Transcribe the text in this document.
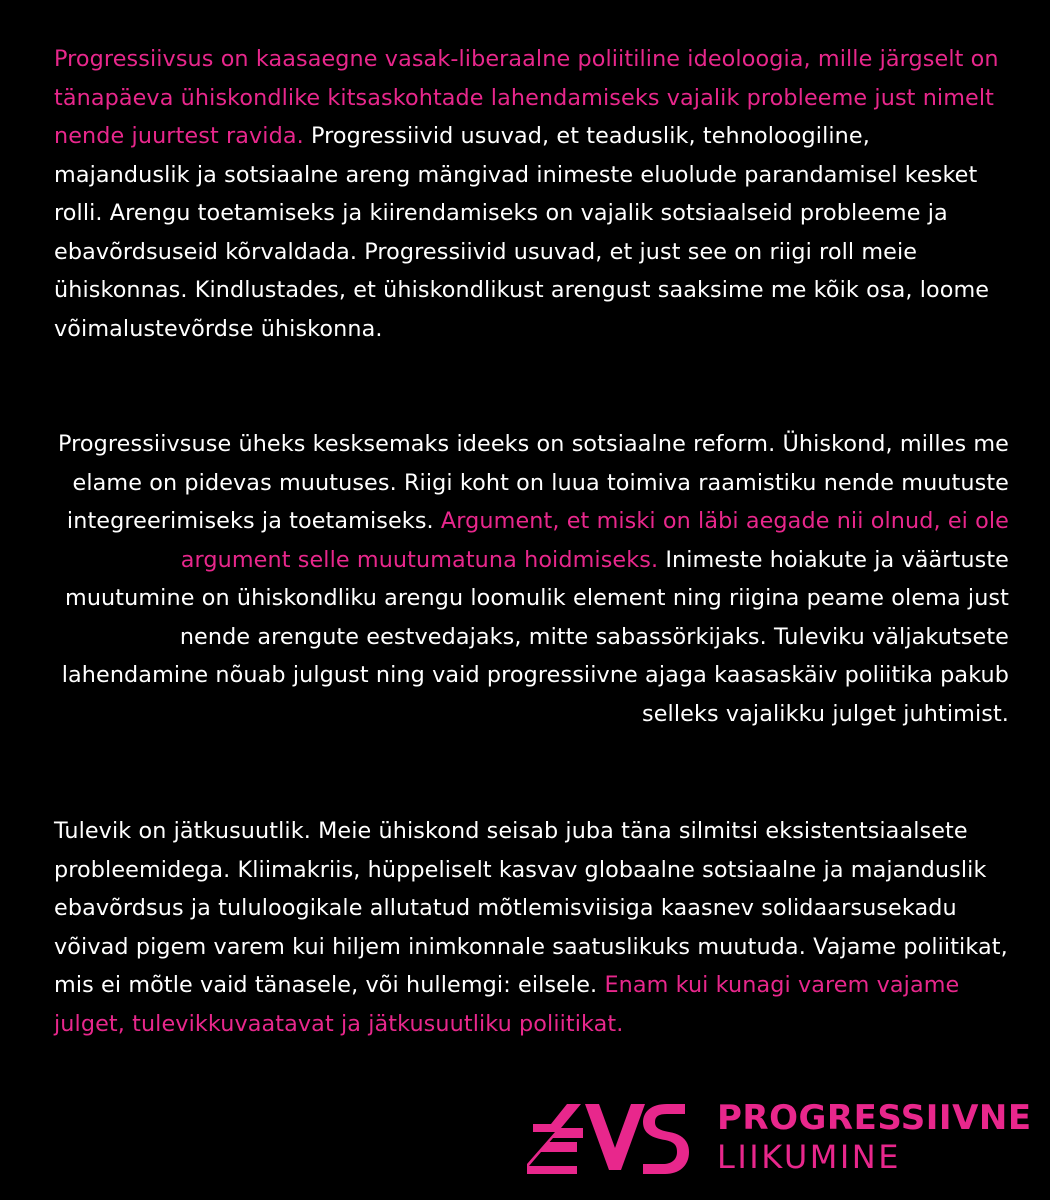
Progressiivsus on kaasaegne vasak-liberaalne poliitiline ideoloogia, mille järgselt on tänapäeva ühiskondlike kitsaskohtade lahendamiseks vajalik probleeme just nimelt nende juurtest ravida. Progressiivid usuvad, et teaduslik, tehnoloogiline, majanduslik ja sotsiaalne areng mängivad inimeste eluolude parandamisel kesket rolli. Arengu toetamiseks ja kiirendamiseks on vajalik sotsiaalseid probleeme ja ebavõrdsuseid kõrvaldada. Progressiivid usuvad, et just see on riigi roll meie ühiskonnas. Kindlustades, et ühiskondlikust arengust saaksime me kõik osa, loome võimalustevõrdse ühiskonna.
Progressiivsuse üheks kesksemaks ideeks on sotsiaalne reform. Ühiskond, milles me elame on pidevas muutuses. Riigi koht on luua toimiva raamistiku nende muutuste integreerimiseks ja toetamiseks. Argument, et miski on läbi aegade nii olnud, ei ole argument selle muutumatuna hoidmiseks. Inimeste hoiakute ja väärtuste muutumine on ühiskondliku arengu loomulik element ning riigina peame olema just nende arengute eestvedajaks, mitte sabassörkijaks. Tuleviku väljakutsete lahendamine nõuab julgust ning vaid progressiivne ajaga kaasaskäiv poliitika pakub selleks vajalikku julget juhtimist.
Tulevik on jätkusuutlik. Meie ühiskond seisab juba täna silmitsi eksistentsiaalsete probleemidega. Kliimakriis, hüppeliselt kasvav globaalne sotsiaalne ja majanduslik ebavõrdsus ja tululoogikale allutatud mõtlemisviisiga kaasnev solidaarsusekadu võivad pigem varem kui hiljem inimkonnale saatuslikuks muutuda. Vajame poliitikat, mis ei mõtle vaid tänasele, või hullemgi: eilsele. Enam kui kunagi varem vajame julget, tulevikkuvaatavat ja jätkusuutliku poliitikat.
PROGRESSIIVNE
LIIKUMINE
